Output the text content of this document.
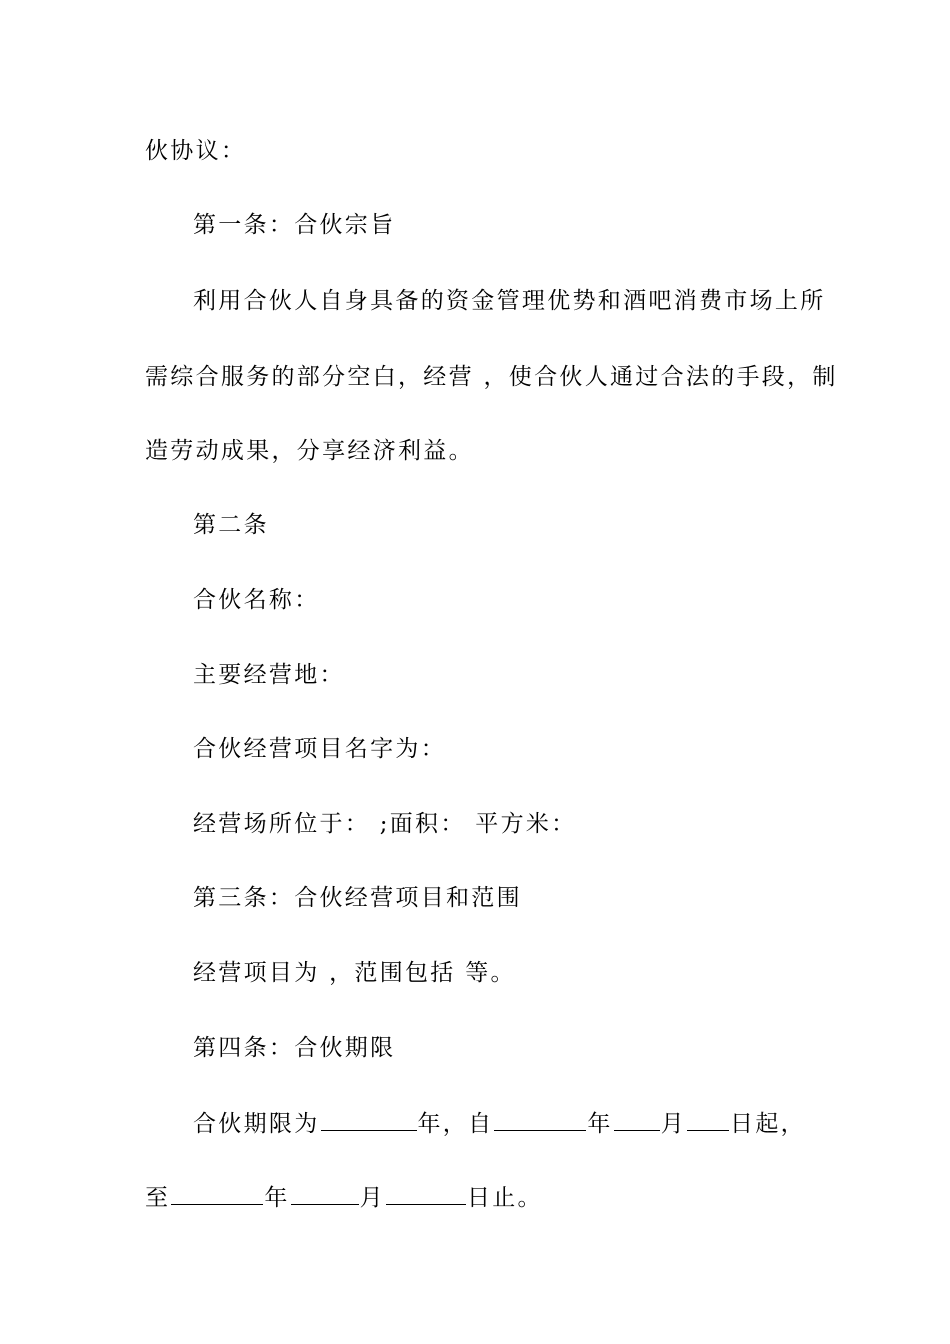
伙协议：
第一条：合伙宗旨
利用合伙人自身具备的资金管理优势和酒吧消费市场上所
需综合服务的部分空白，经营 ，使合伙人通过合法的手段，制
造劳动成果，分享经济利益。
第二条
合伙名称：
主要经营地：
合伙经营项目名字为：
经营场所位于： ;面积： 平方米：
第三条：合伙经营项目和范围
经营项目为 ，范围包括 等。
第四条：合伙期限
合伙期限为	年，自	年 月 日起，
至	年	月	日止。
